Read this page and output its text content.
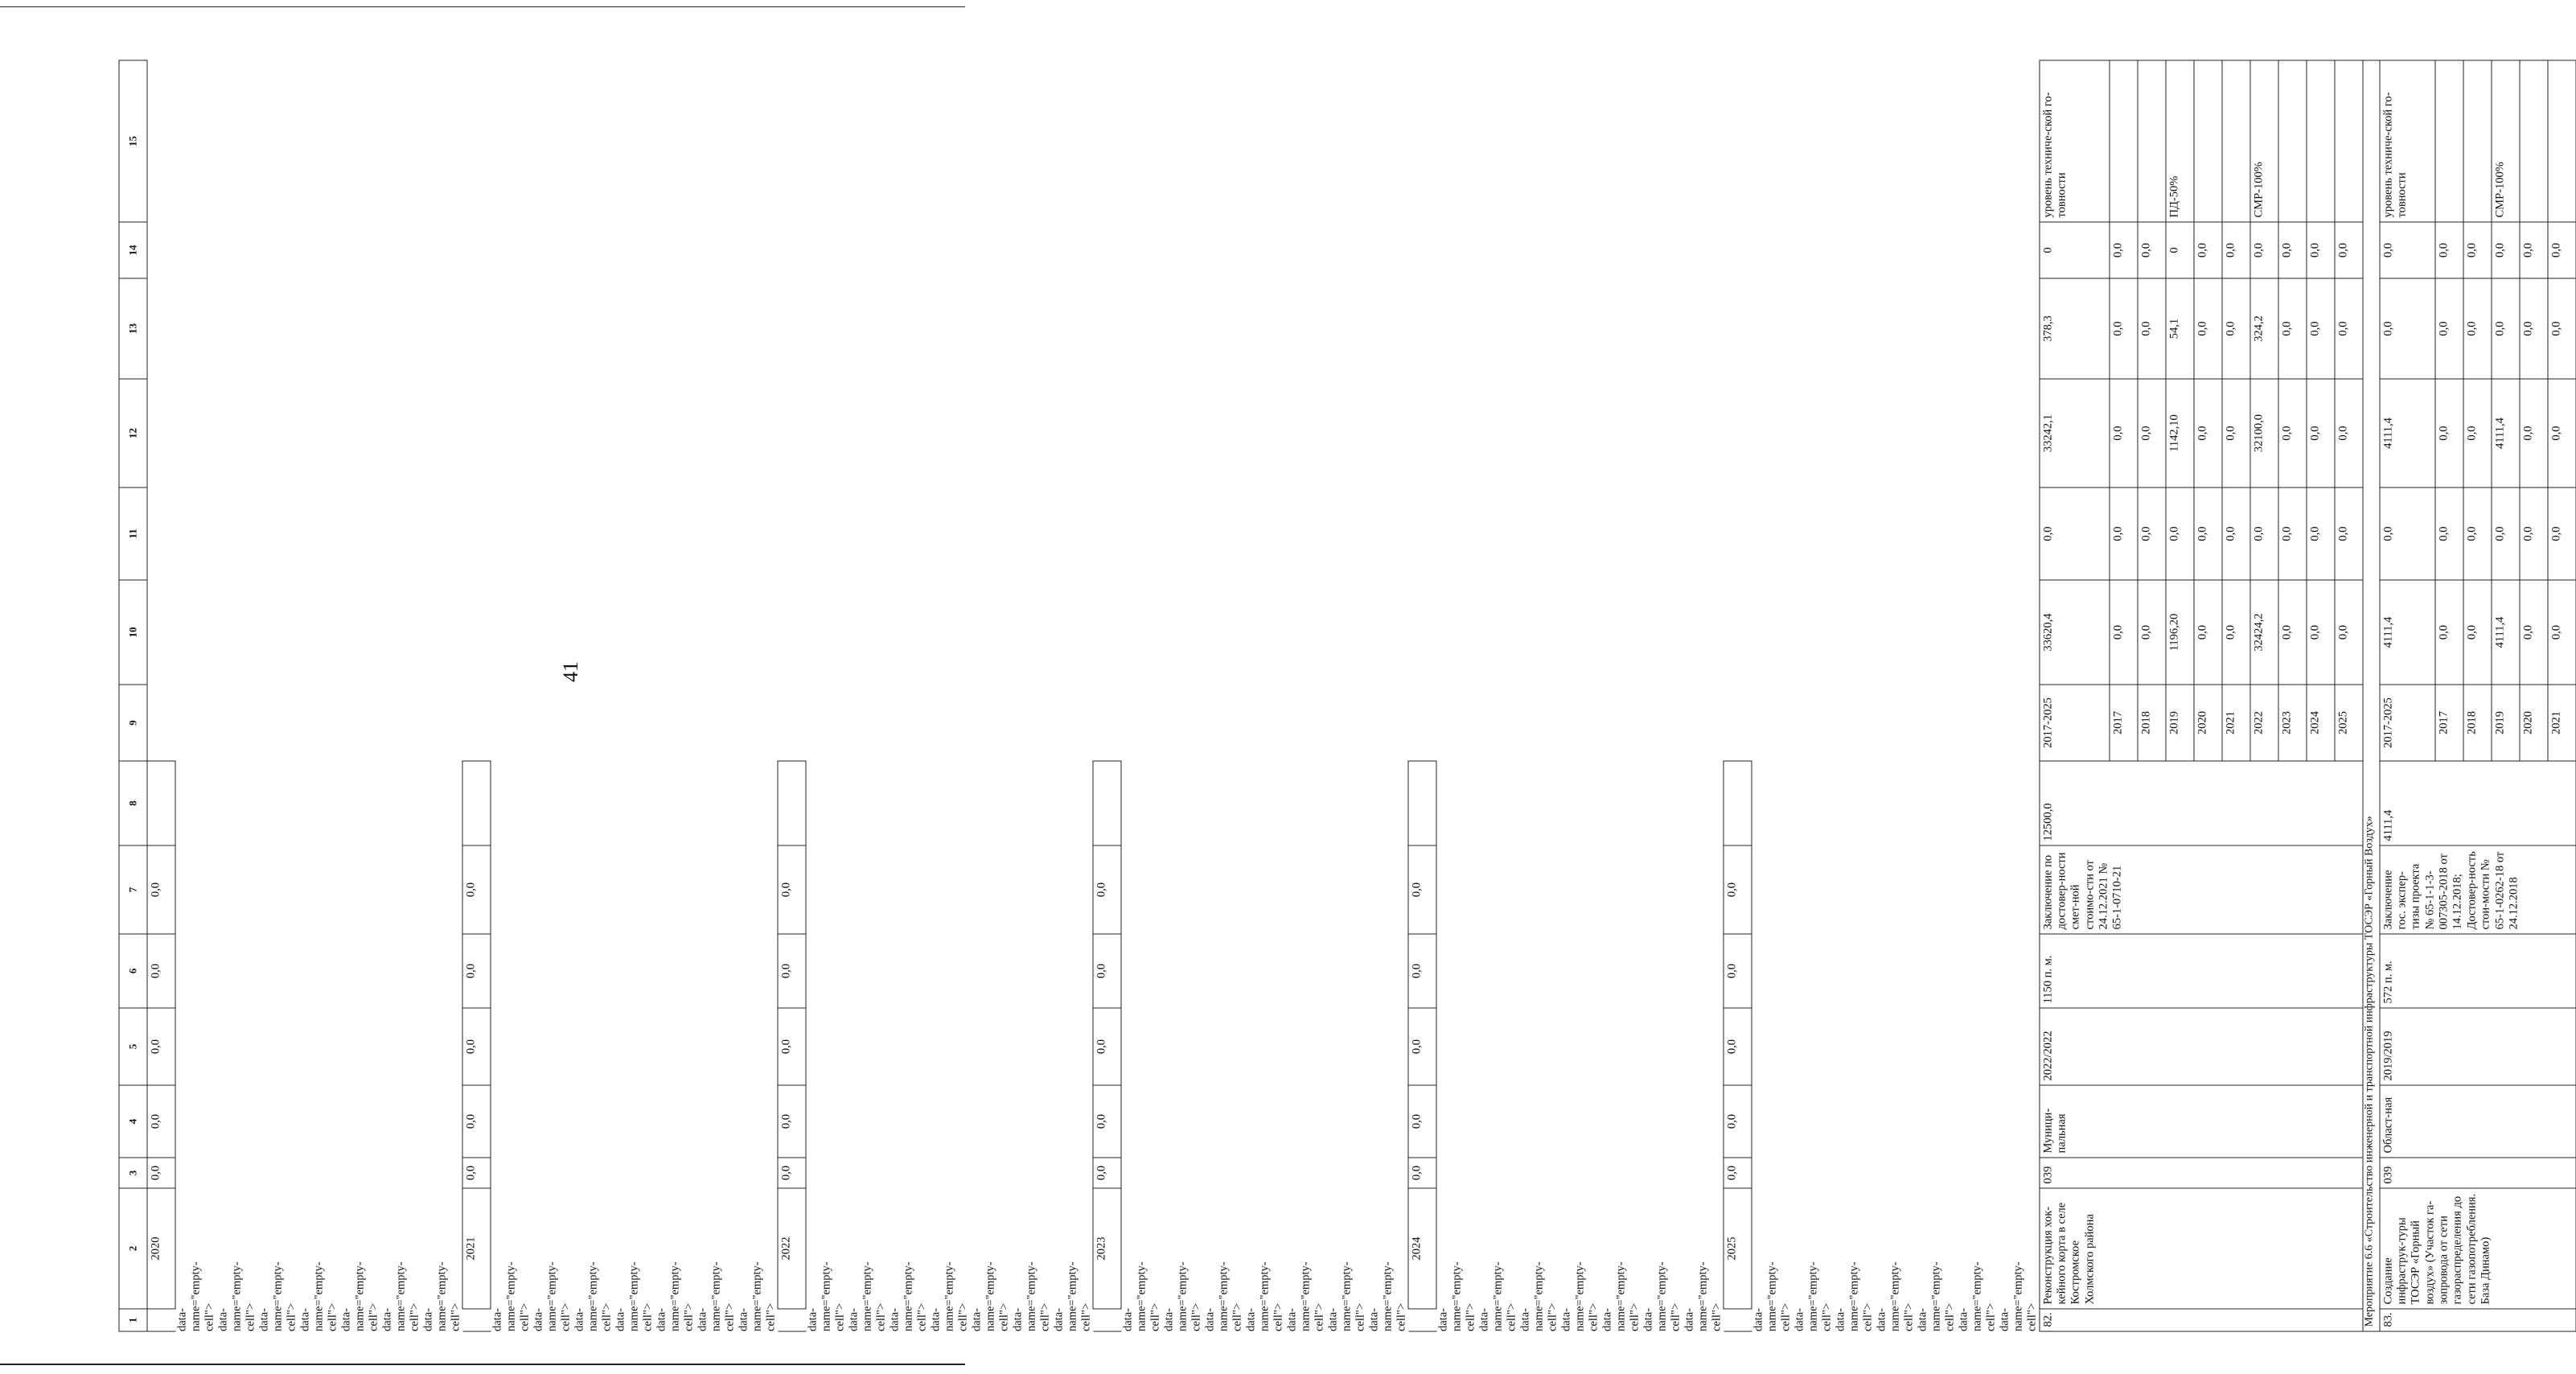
41
1	2	3	4	5	6	7	8	9	10	11	12	13	14	15
	2020	0,0	0,0	0,0	0,0	0,0								
data-name="empty-cell"> data-name="empty-cell"> data-name="empty-cell"> data-name="empty-cell"> data-name="empty-cell"> data-name="empty-cell"> data-name="empty-cell">	2021	0,0	0,0	0,0	0,0	0,0								
data-name="empty-cell"> data-name="empty-cell"> data-name="empty-cell"> data-name="empty-cell"> data-name="empty-cell"> data-name="empty-cell"> data-name="empty-cell">	2022	0,0	0,0	0,0	0,0	0,0								
data-name="empty-cell"> data-name="empty-cell"> data-name="empty-cell"> data-name="empty-cell"> data-name="empty-cell"> data-name="empty-cell"> data-name="empty-cell">	2023	0,0	0,0	0,0	0,0	0,0								
data-name="empty-cell"> data-name="empty-cell"> data-name="empty-cell"> data-name="empty-cell"> data-name="empty-cell"> data-name="empty-cell"> data-name="empty-cell">	2024	0,0	0,0	0,0	0,0	0,0								
data-name="empty-cell"> data-name="empty-cell"> data-name="empty-cell"> data-name="empty-cell"> data-name="empty-cell"> data-name="empty-cell"> data-name="empty-cell">	2025	0,0	0,0	0,0	0,0	0,0								
data-name="empty-cell"> data-name="empty-cell"> data-name="empty-cell"> data-name="empty-cell"> data-name="empty-cell"> data-name="empty-cell"> data-name="empty-cell"> 82.	Реконструкция хок-кейного корта в селе Костромское Холмского района	039	Муници-пальная	2022/2022	1150 п. м.	Заключение по достовер-ности смет-ной стоимо-сти от 24.12.2021 № 65-1-0710-21	12500,0	2017-2025	33620,4	0,0	33242,1	378,3	0	уровень техниче-ской го-товности
								2017	0,0	0,0	0,0	0,0	0,0	
								2018	0,0	0,0	0,0	0,0	0,0	
								2019	1196,20	0,0	1142,10	54,1	0	ПД-50%
								2020	0,0	0,0	0,0	0,0	0,0	
								2021	0,0	0,0	0,0	0,0	0,0	
								2022	32424,2	0,0	32100,0	324,2	0,0	СМР-100%
								2023	0,0	0,0	0,0	0,0	0,0	
								2024	0,0	0,0	0,0	0,0	0,0	
								2025	0,0	0,0	0,0	0,0	0,0	
Мероприятие 6.6 «Строительство инженерной и транспортной инфраструктуры ТОСЭР «Горный Воздух»														
83.	Создание инфраструк-туры ТОСЭР «Горный воздух» (Участок га-зопровода от сети газораспределения до сети газопотребления. База Динамо)	039	Област-ная	2019/2019	572 п. м.	Заключение гос. экспер-тизы проекта № 65-1-1-3-007305-2018 от 14.12.2018; Достовер-ность стои-мости № 65-1-0262-18 от 24.12.2018	4111,4	2017-2025	4111,4	0,0	4111,4	0,0	0,0	уровень техниче-ской го-товности
								2017	0,0	0,0	0,0	0,0	0,0	
								2018	0,0	0,0	0,0	0,0	0,0	
								2019	4111,4	0,0	4111,4	0,0	0,0	СМР-100%
								2020	0,0	0,0	0,0	0,0	0,0	
								2021	0,0	0,0	0,0	0,0	0,0	
